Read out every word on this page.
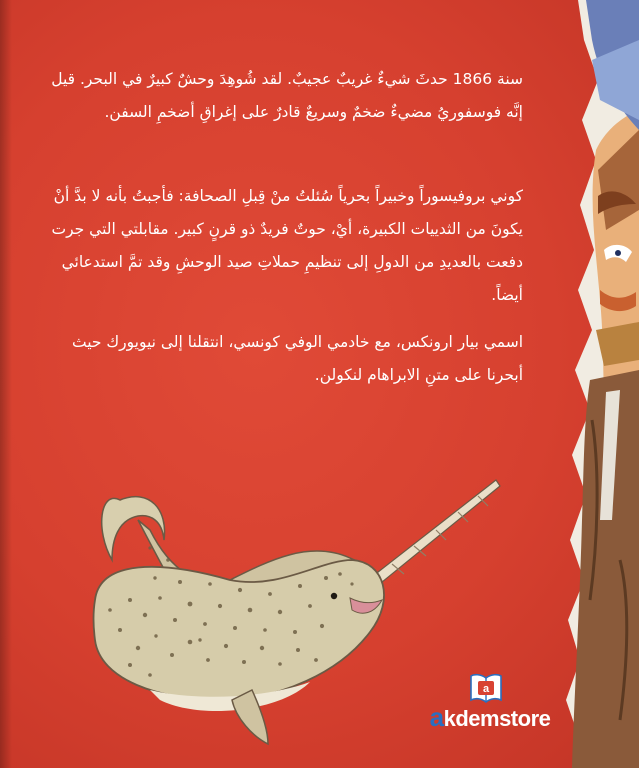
سنة 1866 حدثَ شيءٌ غريبٌ عجيبٌ. لقد شُوهِدَ وحشٌ كبيرٌ في البحر. قيل إنَّه فوسفوريُ مضيءٌ ضخمٌ وسريعٌ قادرٌ على إغراقِ أضخمِ السفن.

كوني بروفيسوراً وخبيراً بحرياً سُئلتُ منْ قِبلِ الصحافة: فأجبتُ بأنه لا بدَّ أنْ يكونَ من الثدييات الكبيرة، أيْ، حوتٌ فريدٌ ذو قرنٍ كبير. مقابلتي التي جرت دفعت بالعديدِ من الدولِ إلى تنظيمِ حملاتِ صيد الوحشِ وقد تمَّ استدعائي أيضاً.

اسمي بيار ارونكس، مع خادمي الوفي كونسي، انتقلنا إلى نيويورك حيث أبحرنا على متنِ الابراهام لنكولن.

a
akdemstore
